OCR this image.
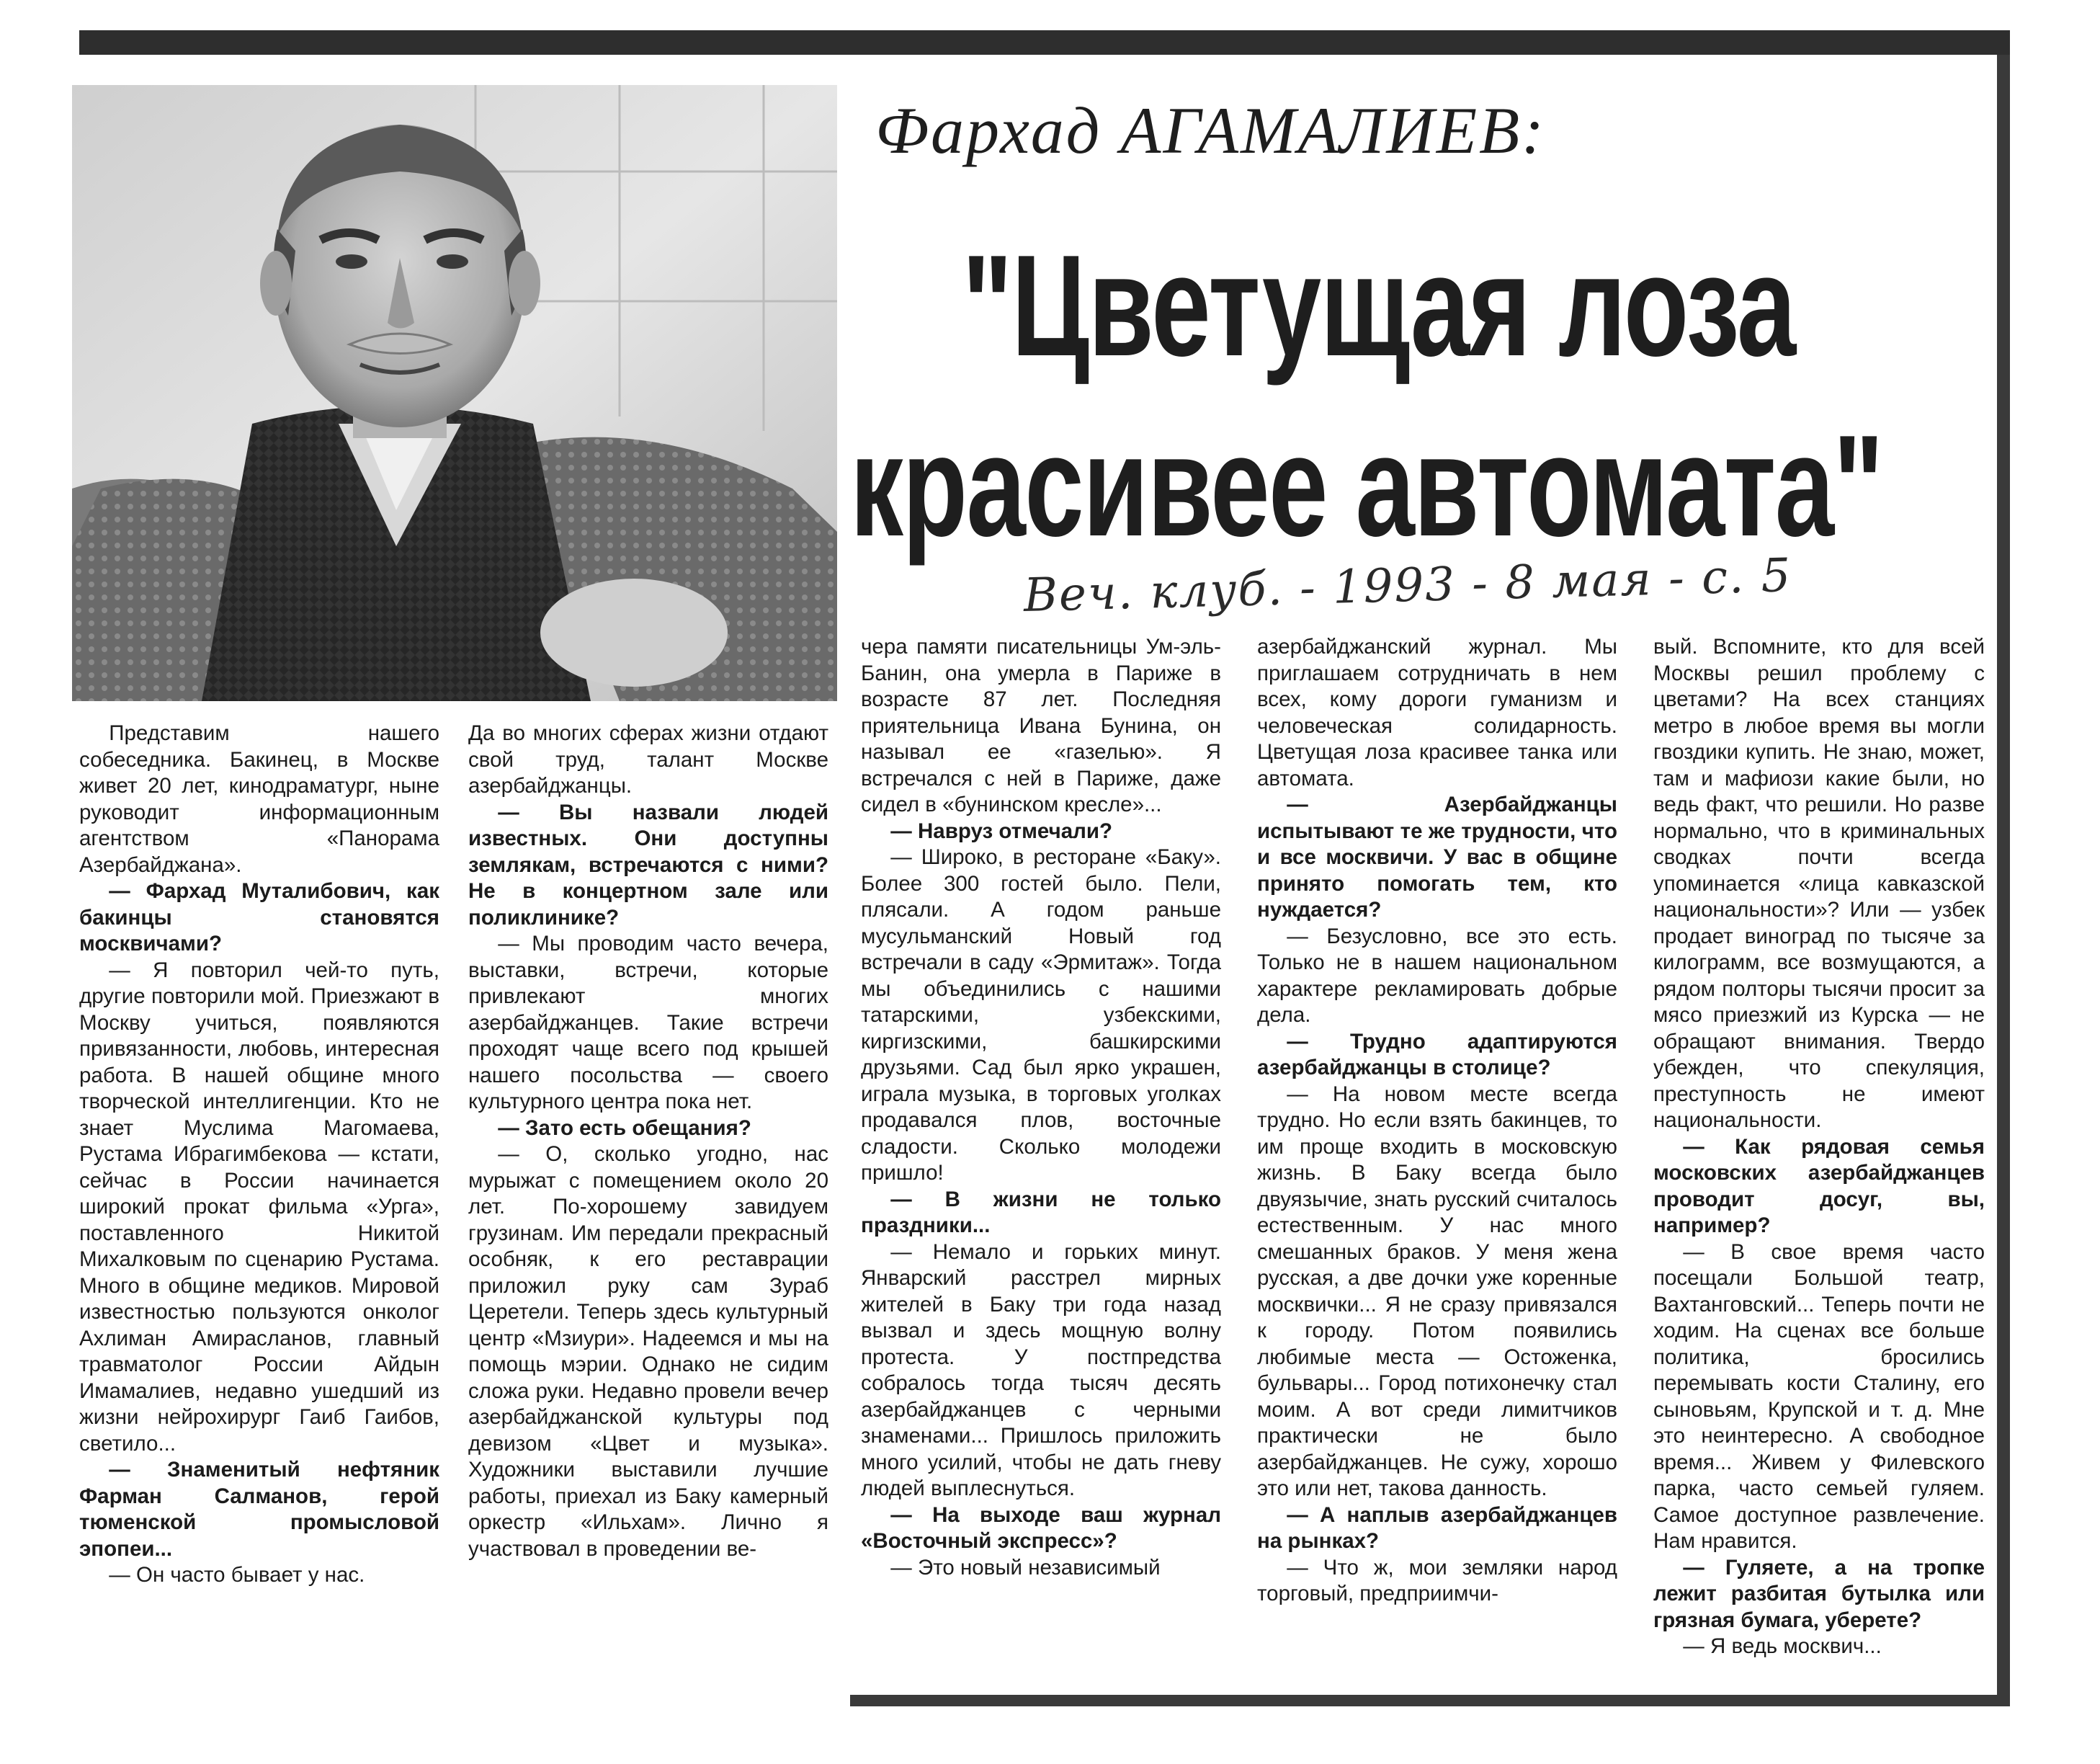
Фархад АГАМАЛИЕВ:
"Цветущая лоза
красивее автомата"
Веч. клуб. - 1993 - 8 мая - с. 5

Представим нашего собеседника. Бакинец, в Москве живет 20 лет, кинодраматург, ныне руководит информационным агентством «Панорама Азербайджана».

— Фархад Муталибович, как бакинцы становятся москвичами?

— Я повторил чей-то путь, другие повторили мой. Приезжают в Москву учиться, появляются привязанности, любовь, интересная работа. В нашей общине много творческой интеллигенции. Кто не знает Муслима Магомаева, Рустама Ибрагимбекова — кстати, сейчас в России начинается широкий прокат фильма «Урга», поставленного Никитой Михалковым по сценарию Рустама. Много в общине медиков. Мировой известностью пользуются онколог Ахлиман Амирасланов, главный травматолог России Айдын Имамалиев, недавно ушедший из жизни нейрохирург Гаиб Гаибов, светило...

— Знаменитый нефтяник Фарман Салманов, герой тюменской промысловой эпопеи...

— Он часто бывает у нас.

Да во многих сферах жизни отдают свой труд, талант Москве азербайджанцы.

— Вы назвали людей известных. Они доступны землякам, встречаются с ними? Не в концертном зале или поликлинике?

— Мы проводим часто вечера, выставки, встречи, которые привлекают многих азербайджанцев. Такие встречи проходят чаще всего под крышей нашего посольства — своего культурного центра пока нет.

— Зато есть обещания?

— О, сколько угодно, нас мурыжат с помещением около 20 лет. По-хорошему завидуем грузинам. Им передали прекрасный особняк, к его реставрации приложил руку сам Зураб Церетели. Теперь здесь культурный центр «Мзиури». Надеемся и мы на помощь мэрии. Однако не сидим сложа руки. Недавно провели вечер азербайджанской культуры под девизом «Цвет и музыка». Художники выставили лучшие работы, приехал из Баку камерный оркестр «Ильхам». Лично я участвовал в проведении ве-

чера памяти писательницы Ум-эль-Банин, она умерла в Париже в возрасте 87 лет. Последняя приятельница Ивана Бунина, он называл ее «газелью». Я встречался с ней в Париже, даже сидел в «бунинском кресле»...

— Навруз отмечали?

— Широко, в ресторане «Баку». Более 300 гостей было. Пели, плясали. А годом раньше мусульманский Новый год встречали в саду «Эрмитаж». Тогда мы объединились с нашими татарскими, узбекскими, киргизскими, башкирскими друзьями. Сад был ярко украшен, играла музыка, в торговых уголках продавался плов, восточные сладости. Сколько молодежи пришло!

— В жизни не только праздники...

— Немало и горьких минут. Январский расстрел мирных жителей в Баку три года назад вызвал и здесь мощную волну протеста. У постпредства собралось тогда тысяч десять азербайджанцев с черными знаменами... Пришлось приложить много усилий, чтобы не дать гневу людей выплеснуться.

— На выходе ваш журнал «Восточный экспресс»?

— Это новый независимый

азербайджанский журнал. Мы приглашаем сотрудничать в нем всех, кому дороги гуманизм и человеческая солидарность. Цветущая лоза красивее танка или автомата.

— Азербайджанцы испытывают те же трудности, что и все москвичи. У вас в общине принято помогать тем, кто нуждается?

— Безусловно, все это есть. Только не в нашем национальном характере рекламировать добрые дела.

— Трудно адаптируются азербайджанцы в столице?

— На новом месте всегда трудно. Но если взять бакинцев, то им проще входить в московскую жизнь. В Баку всегда было двуязычие, знать русский считалось естественным. У нас много смешанных браков. У меня жена русская, а две дочки уже коренные москвички... Я не сразу привязался к городу. Потом появились любимые места — Остоженка, бульвары... Город потихонечку стал моим. А вот среди лимитчиков практически не было азербайджанцев. Не сужу, хорошо это или нет, такова данность.

— А наплыв азербайджанцев на рынках?

— Что ж, мои земляки народ торговый, предприимчи-

вый. Вспомните, кто для всей Москвы решил проблему с цветами? На всех станциях метро в любое время вы могли гвоздики купить. Не знаю, может, там и мафиози какие были, но ведь факт, что решили. Но разве нормально, что в криминальных сводках почти всегда упоминается «лица кавказской национальности»? Или — узбек продает виноград по тысяче за килограмм, все возмущаются, а рядом полторы тысячи просит за мясо приезжий из Курска — не обращают внимания. Твердо убежден, что спекуляция, преступность не имеют национальности.

— Как рядовая семья московских азербайджанцев проводит досуг, вы, например?

— В свое время часто посещали Большой театр, Вахтанговский... Теперь почти не ходим. На сценах все больше политика, бросились перемывать кости Сталину, его сыновьям, Крупской и т. д. Мне это неинтересно. А свободное время... Живем у Филевского парка, часто семьей гуляем. Самое доступное развлечение. Нам нравится.

— Гуляете, а на тропке лежит разбитая бутылка или грязная бумага, уберете?

— Я ведь москвич...
